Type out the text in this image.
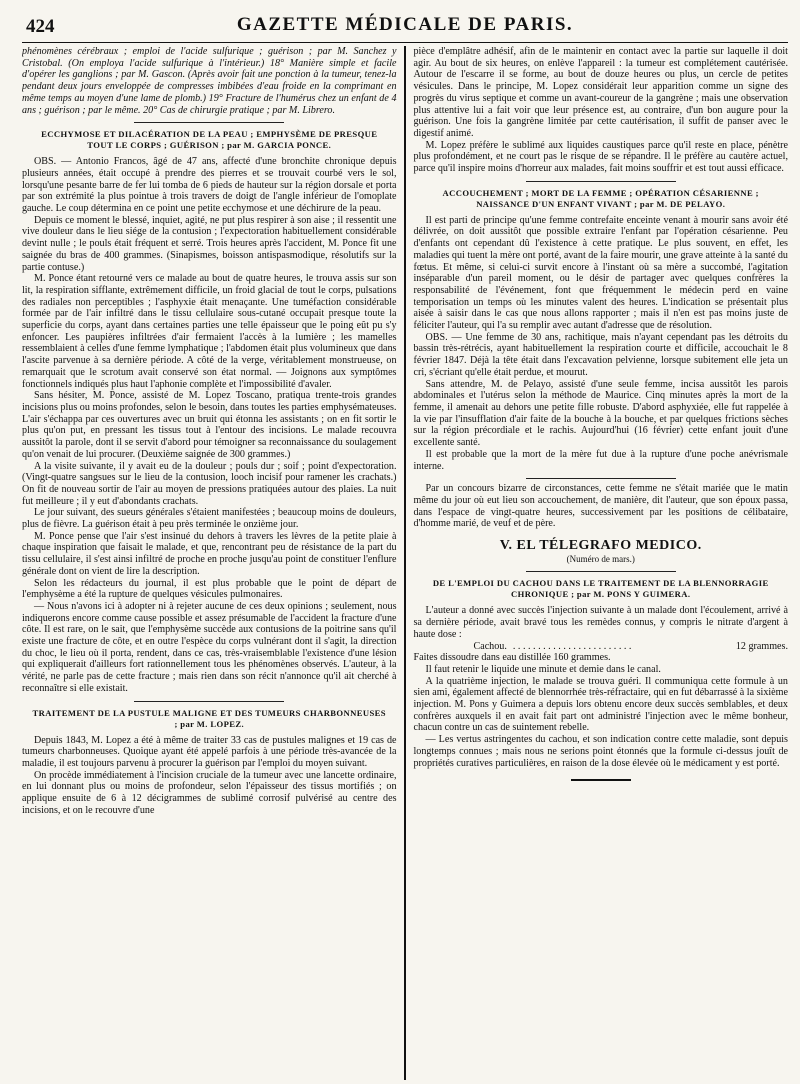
424	GAZETTE MÉDICALE DE PARIS.

phénomènes cérébraux ; emploi de l'acide sulfurique ; guérison ; par M. Sanchez y Cristobal. (On employa l'acide sulfurique à l'intérieur.) 18° Manière simple et facile d'opérer les ganglions ; par M. Gascon. (Après avoir fait une ponction à la tumeur, tenez-la pendant deux jours enveloppée de compresses imbibées d'eau froide en la comprimant en même temps au moyen d'une lame de plomb.) 19° Fracture de l'humérus chez un enfant de 4 ans ; guérison ; par le même. 20° Cas de chirurgie pratique ; par M. Librero.

ECCHYMOSE ET DILACÉRATION DE LA PEAU ; EMPHYSÈME DE PRESQUE TOUT LE CORPS ; GUÉRISON ; par M. GARCIA PONCE.

OBS. — Antonio Francos, âgé de 47 ans, affecté d'une bronchite chronique depuis plusieurs années, était occupé à prendre des pierres et se trouvait courbé vers le sol, lorsqu'une pesante barre de fer lui tomba de 6 pieds de hauteur sur la région dorsale et porta par son extrémité la plus pointue à trois travers de doigt de l'angle inférieur de l'omoplate gauche. Le coup détermina en ce point une petite ecchymose et une déchirure de la peau.

Depuis ce moment le blessé, inquiet, agité, ne put plus respirer à son aise ; il ressentit une vive douleur dans le lieu siége de la contusion ; l'expectoration habituellement considérable devint nulle ; le pouls était fréquent et serré. Trois heures après l'accident, M. Ponce fit une saignée du bras de 400 grammes. (Sinapismes, boisson antispasmodique, résolutifs sur la partie contuse.)

M. Ponce étant retourné vers ce malade au bout de quatre heures, le trouva assis sur son lit, la respiration sifflante, extrêmement difficile, un froid glacial de tout le corps, pulsations des radiales non perceptibles ; l'asphyxie était menaçante. Une tuméfaction considérable formée par de l'air infiltré dans le tissu cellulaire sous-cutané occupait presque toute la superficie du corps, ayant dans certaines parties une telle épaisseur que le poing eût pu s'y enfoncer. Les paupières infiltrées d'air fermaient l'accès à la lumière ; les mamelles ressemblaient à celles d'une femme lymphatique ; l'abdomen était plus volumineux que dans l'ascite parvenue à sa dernière période. A côté de la verge, véritablement monstrueuse, on remarquait que le scrotum avait conservé son état normal. — Joignons aux symptômes fonctionnels indiqués plus haut l'aphonie complète et l'impossibilité d'avaler.

Sans hésiter, M. Ponce, assisté de M. Lopez Toscano, pratiqua trente-trois grandes incisions plus ou moins profondes, selon le besoin, dans toutes les parties emphysémateuses. L'air s'échappa par ces ouvertures avec un bruit qui étonna les assistants ; on en fit sortir le plus qu'on put, en pressant les tissus tout à l'entour des incisions. Le malade recouvra aussitôt la parole, dont il se servit d'abord pour témoigner sa reconnaissance du soulagement qu'on venait de lui procurer. (Deuxième saignée de 300 grammes.)

A la visite suivante, il y avait eu de la douleur ; pouls dur ; soif ; point d'expectoration. (Vingt-quatre sangsues sur le lieu de la contusion, looch incisif pour ramener les crachats.) On fit de nouveau sortir de l'air au moyen de pressions pratiquées autour des plaies. La nuit fut meilleure ; il y eut d'abondants crachats.

Le jour suivant, des sueurs générales s'étaient manifestées ; beaucoup moins de douleurs, plus de fièvre. La guérison était à peu près terminée le onzième jour.

M. Ponce pense que l'air s'est insinué du dehors à travers les lèvres de la petite plaie à chaque inspiration que faisait le malade, et que, rencontrant peu de résistance de la part du tissu cellulaire, il s'est ainsi infiltré de proche en proche jusqu'au point de constituer l'enflure générale dont on vient de lire la description.

Selon les rédacteurs du journal, il est plus probable que le point de départ de l'emphysème a été la rupture de quelques vésicules pulmonaires.

— Nous n'avons ici à adopter ni à rejeter aucune de ces deux opinions ; seulement, nous indiquerons encore comme cause possible et assez présumable de l'accident la fracture d'une côte. Il est rare, on le sait, que l'emphysème succède aux contusions de la poitrine sans qu'il existe une fracture de côte, et en outre l'espèce du corps vulnérant dont il s'agit, la direction du choc, le lieu où il porta, rendent, dans ce cas, très-vraisemblable l'existence d'une lésion qui expliquerait d'ailleurs fort rationnellement tous les phénomènes observés. L'auteur, à la vérité, ne parle pas de cette fracture ; mais rien dans son récit n'annonce qu'il ait cherché à reconnaître si elle existait.

TRAITEMENT DE LA PUSTULE MALIGNE ET DES TUMEURS CHARBONNEUSES ; par M. LOPEZ.

Depuis 1843, M. Lopez a été à même de traiter 33 cas de pustules malignes et 19 cas de tumeurs charbonneuses. Quoique ayant été appelé parfois à une période très-avancée de la maladie, il est toujours parvenu à procurer la guérison par l'emploi du moyen suivant.

On procède immédiatement à l'incision cruciale de la tumeur avec une lancette ordinaire, en lui donnant plus ou moins de profondeur, selon l'épaisseur des tissus mortifiés ; on applique ensuite de 6 à 12 décigrammes de sublimé corrosif pulvérisé au centre des incisions, et on le recouvre d'une

pièce d'emplâtre adhésif, afin de le maintenir en contact avec la partie sur laquelle il doit agir. Au bout de six heures, on enlève l'appareil : la tumeur est complétement cautérisée. Autour de l'escarre il se forme, au bout de douze heures ou plus, un cercle de petites vésicules. Dans le principe, M. Lopez considérait leur apparition comme un signe des progrès du virus septique et comme un avant-coureur de la gangrène ; mais une observation plus attentive lui a fait voir que leur présence est, au contraire, d'un bon augure pour la guérison. Une fois la gangrène limitée par cette cautérisation, il suffit de panser avec le digestif animé.

M. Lopez préfère le sublimé aux liquides caustiques parce qu'il reste en place, pénètre plus profondément, et ne court pas le risque de se répandre. Il le préfère au cautère actuel, parce qu'il inspire moins d'horreur aux malades, fait moins souffrir et est tout aussi efficace.

ACCOUCHEMENT ; MORT DE LA FEMME ; OPÉRATION CÉSARIENNE ; NAISSANCE D'UN ENFANT VIVANT ; par M. DE PELAYO.

Il est parti de principe qu'une femme contrefaite enceinte venant à mourir sans avoir été délivrée, on doit aussitôt que possible extraire l'enfant par l'opération césarienne. Peu d'enfants ont cependant dû l'existence à cette pratique. Le plus souvent, en effet, les maladies qui tuent la mère ont porté, avant de la faire mourir, une grave atteinte à la santé du fœtus. Et même, si celui-ci survit encore à l'instant où sa mère a succombé, l'agitation inséparable d'un pareil moment, ou le désir de partager avec quelques confrères la responsabilité de l'événement, font que fréquemment le médecin perd en vaine temporisation un temps où les minutes valent des heures. L'indication se présentait plus aisée à saisir dans le cas que nous allons rapporter ; mais il n'en est pas moins juste de féliciter l'auteur, qui l'a su remplir avec autant d'adresse que de résolution.

OBS. — Une femme de 30 ans, rachitique, mais n'ayant cependant pas les détroits du bassin très-rétrécis, ayant habituellement la respiration courte et difficile, accouchait le 8 février 1847. Déjà la tête était dans l'excavation pelvienne, lorsque subitement elle jeta un cri, s'écriant qu'elle était perdue, et mourut.

Sans attendre, M. de Pelayo, assisté d'une seule femme, incisa aussitôt les parois abdominales et l'utérus selon la méthode de Maurice. Cinq minutes après la mort de la femme, il amenait au dehors une petite fille robuste. D'abord asphyxiée, elle fut rappelée à la vie par l'insufflation d'air faite de la bouche à la bouche, et par quelques frictions sèches sur la région précordiale et le rachis. Aujourd'hui (16 février) cette enfant jouit d'une excellente santé.

Il est probable que la mort de la mère fut due à la rupture d'une poche anévrismale interne.

Par un concours bizarre de circonstances, cette femme ne s'était mariée que le matin même du jour où eut lieu son accouchement, de manière, dit l'auteur, que son époux passa, dans l'espace de vingt-quatre heures, successivement par les positions de célibataire, d'homme marié, de veuf et de père.

V. EL TÉLEGRAFO MEDICO.
(Numéro de mars.)
DE L'EMPLOI DU CACHOU DANS LE TRAITEMENT DE LA BLENNORRAGIE CHRONIQUE ; par M. PONS Y GUIMERA.

L'auteur a donné avec succès l'injection suivante à un malade dont l'écoulement, arrivé à sa dernière période, avait bravé tous les remèdes connus, y compris le nitrate d'argent à haute dose :

Cachou. . . . . . . . . . . . . . . . . . . . . . . . .	12 grammes.

Faites dissoudre dans eau distillée 160 grammes.

Il faut retenir le liquide une minute et demie dans le canal.

A la quatrième injection, le malade se trouva guéri. Il communiqua cette formule à un sien ami, également affecté de blennorrhée très-réfractaire, qui en fut débarrassé à la sixième injection. M. Pons y Guimera a depuis lors obtenu encore deux succès semblables, et deux confrères auxquels il en avait fait part ont administré l'injection avec le même bonheur, chacun contre un cas de suintement rebelle.

— Les vertus astringentes du cachou, et son indication contre cette maladie, sont depuis longtemps connues ; mais nous ne serions point étonnés que la formule ci-dessus jouît de propriétés curatives particulières, en raison de la dose élevée où le médicament y est porté.
